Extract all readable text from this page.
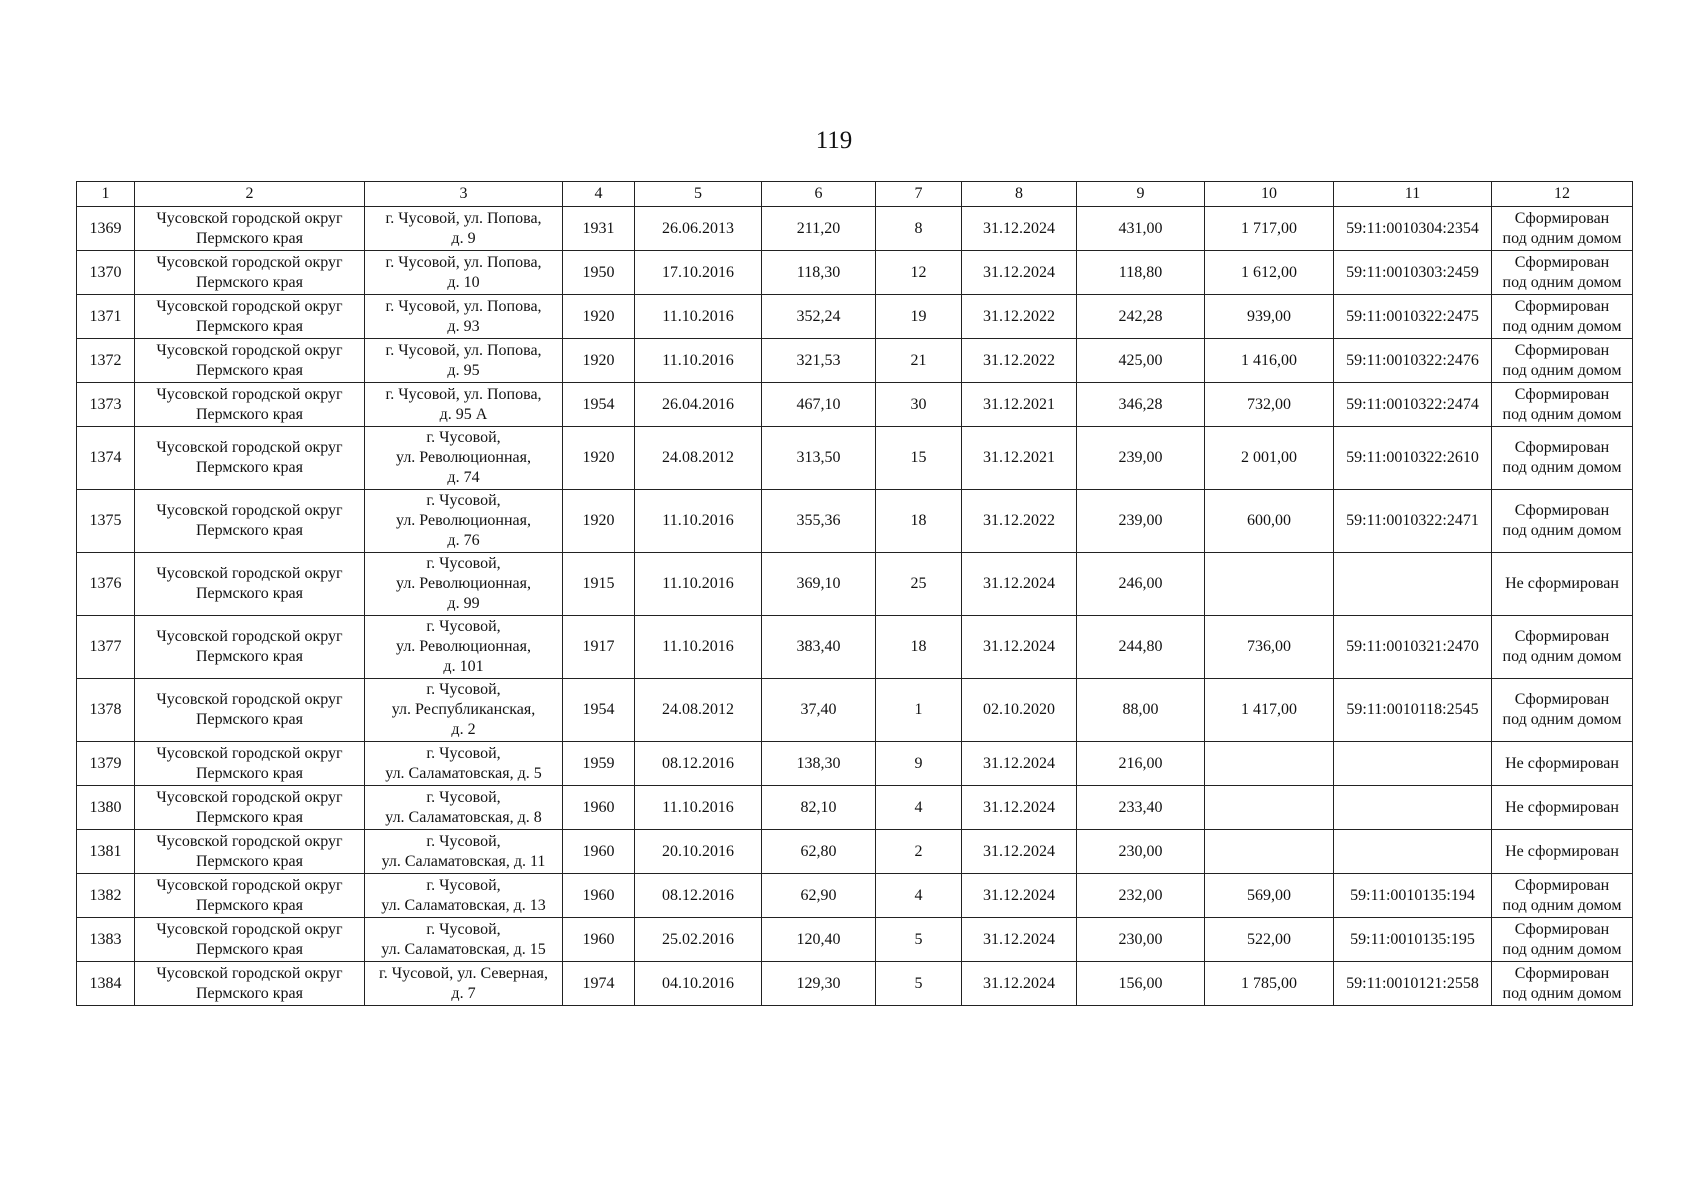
119
1	2	3	4	5	6	7	8	9	10	11	12
1369	Чусовской городской округ
Пермского края	г. Чусовой, ул. Попова,
д. 9	1931	26.06.2013	211,20	8	31.12.2024	431,00	1 717,00	59:11:0010304:2354	Сформирован
под одним домом

1370	Чусовской городской округ
Пермского края	г. Чусовой, ул. Попова,
д. 10	1950	17.10.2016	118,30	12	31.12.2024	118,80	1 612,00	59:11:0010303:2459	Сформирован
под одним домом

1371	Чусовской городской округ
Пермского края	г. Чусовой, ул. Попова,
д. 93	1920	11.10.2016	352,24	19	31.12.2022	242,28	939,00	59:11:0010322:2475	Сформирован
под одним домом

1372	Чусовской городской округ
Пермского края	г. Чусовой, ул. Попова,
д. 95	1920	11.10.2016	321,53	21	31.12.2022	425,00	1 416,00	59:11:0010322:2476	Сформирован
под одним домом

1373	Чусовской городской округ
Пермского края	г. Чусовой, ул. Попова,
д. 95 А	1954	26.04.2016	467,10	30	31.12.2021	346,28	732,00	59:11:0010322:2474	Сформирован
под одним домом

1374	Чусовской городской округ
Пермского края	г. Чусовой,
ул. Революционная,
д. 74	1920	24.08.2012	313,50	15	31.12.2021	239,00	2 001,00	59:11:0010322:2610	Сформирован
под одним домом

1375	Чусовской городской округ
Пермского края	г. Чусовой,
ул. Революционная,
д. 76	1920	11.10.2016	355,36	18	31.12.2022	239,00	600,00	59:11:0010322:2471	Сформирован
под одним домом

1376	Чусовской городской округ
Пермского края	г. Чусовой,
ул. Революционная,
д. 99	1915	11.10.2016	369,10	25	31.12.2024	246,00			Не сформирован

1377	Чусовской городской округ
Пермского края	г. Чусовой,
ул. Революционная,
д. 101	1917	11.10.2016	383,40	18	31.12.2024	244,80	736,00	59:11:0010321:2470	Сформирован
под одним домом

1378	Чусовской городской округ
Пермского края	г. Чусовой,
ул. Республиканская,
д. 2	1954	24.08.2012	37,40	1	02.10.2020	88,00	1 417,00	59:11:0010118:2545	Сформирован
под одним домом

1379	Чусовской городской округ
Пермского края	г. Чусовой,
ул. Саламатовская, д. 5	1959	08.12.2016	138,30	9	31.12.2024	216,00			Не сформирован

1380	Чусовской городской округ
Пермского края	г. Чусовой,
ул. Саламатовская, д. 8	1960	11.10.2016	82,10	4	31.12.2024	233,40			Не сформирован

1381	Чусовской городской округ
Пермского края	г. Чусовой,
ул. Саламатовская, д. 11	1960	20.10.2016	62,80	2	31.12.2024	230,00			Не сформирован

1382	Чусовской городской округ
Пермского края	г. Чусовой,
ул. Саламатовская, д. 13	1960	08.12.2016	62,90	4	31.12.2024	232,00	569,00	59:11:0010135:194	Сформирован
под одним домом

1383	Чусовской городской округ
Пермского края	г. Чусовой,
ул. Саламатовская, д. 15	1960	25.02.2016	120,40	5	31.12.2024	230,00	522,00	59:11:0010135:195	Сформирован
под одним домом

1384	Чусовской городской округ
Пермского края	г. Чусовой, ул. Северная,
д. 7	1974	04.10.2016	129,30	5	31.12.2024	156,00	1 785,00	59:11:0010121:2558	Сформирован
под одним домом
